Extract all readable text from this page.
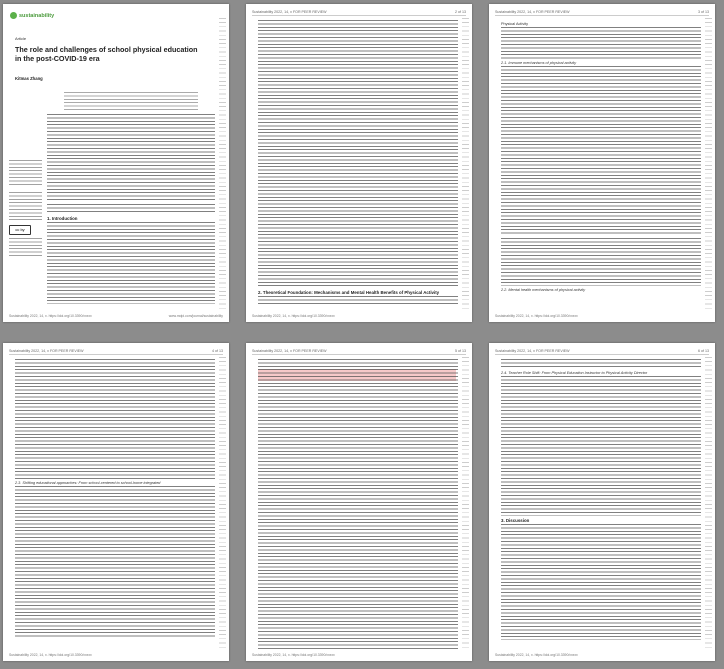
sustainability
Article
The role and challenges of school physical education in the post-COVID-19 era
Kitmas Zhang
cc by
1. Introduction
Sustainability 2022, 14, x. https://doi.org/10.3390/xxxxx	www.mdpi.com/journal/sustainability
Sustainability 2022, 14, x FOR PEER REVIEW	2 of 13
2. Theoretical Foundation: Mechanisms and Mental Health Benefits of Physical Activity
Sustainability 2022, 14, x. https://doi.org/10.3390/xxxxx
Sustainability 2022, 14, x FOR PEER REVIEW	3 of 13
Physical Activity
2.1. Immune mechanisms of physical activity
2.2. Mental health mechanisms of physical activity
Sustainability 2022, 14, x. https://doi.org/10.3390/xxxxx
Sustainability 2022, 14, x FOR PEER REVIEW	4 of 13
2.3. Shifting educational approaches: From school-centered to school-home integrated
Sustainability 2022, 14, x. https://doi.org/10.3390/xxxxx
Sustainability 2022, 14, x FOR PEER REVIEW	5 of 13
Sustainability 2022, 14, x. https://doi.org/10.3390/xxxxx
Sustainability 2022, 14, x FOR PEER REVIEW	6 of 13
2.4. Teacher Role Shift: From Physical Education Instructor to Physical Activity Director
3. Discussion
Sustainability 2022, 14, x. https://doi.org/10.3390/xxxxx
